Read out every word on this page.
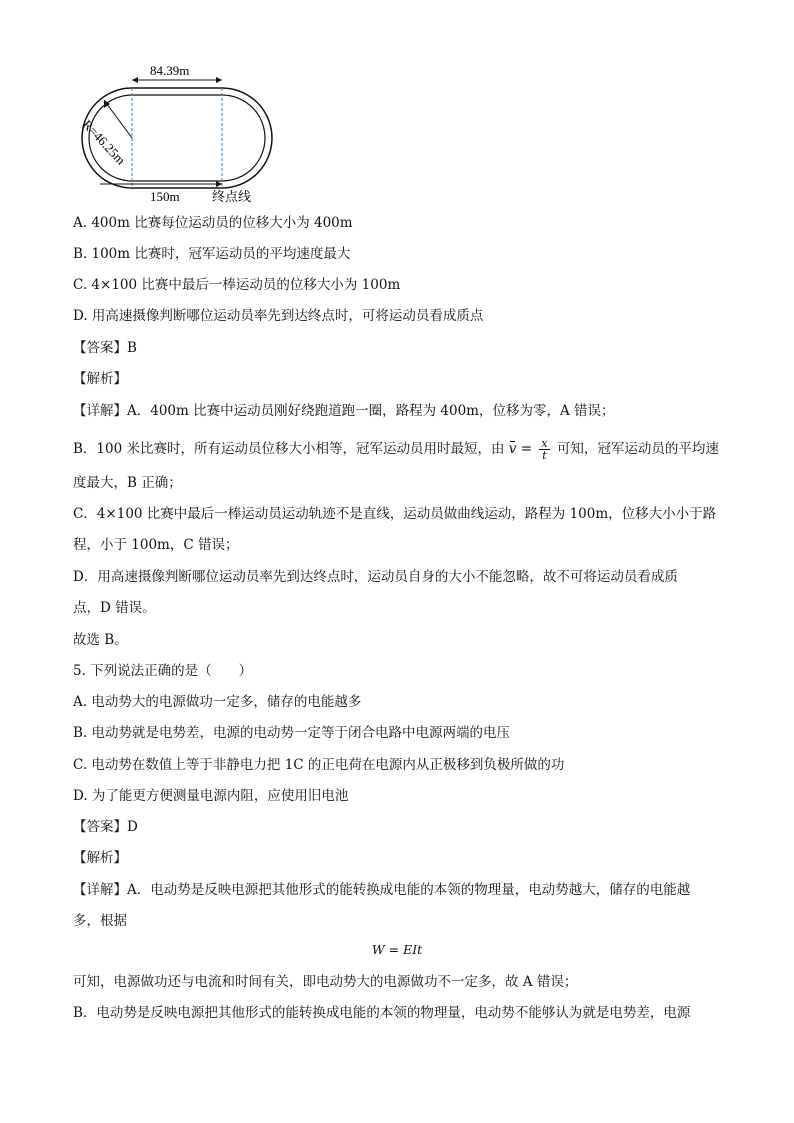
84.39m
R=46.25m
150m 终点线
A. 400m 比赛每位运动员的位移大小为 400m
B. 100m 比赛时，冠军运动员的平均速度最大
C. 4×100 比赛中最后一棒运动员的位移大小为 100m
D. 用高速摄像判断哪位运动员率先到达终点时，可将运动员看成质点
【答案】B
【解析】
【详解】A．400m 比赛中运动员刚好绕跑道跑一圈，路程为 400m，位移为零，A 错误；
B．100 米比赛时，所有运动员位移大小相等，冠军运动员用时最短，由 $v = \frac{x}{t}$ 可知，冠军运动员的平均速
度最大，B 正确；
C．4×100 比赛中最后一棒运动员运动轨迹不是直线，运动员做曲线运动，路程为 100m，位移大小小于路
程，小于 100m，C 错误；
D．用高速摄像判断哪位运动员率先到达终点时，运动员自身的大小不能忽略，故不可将运动员看成质
点，D 错误。
故选 B。
5. 下列说法正确的是（　　）
A. 电动势大的电源做功一定多，储存的电能越多
B. 电动势就是电势差，电源的电动势一定等于闭合电路中电源两端的电压
C. 电动势在数值上等于非静电力把 1C 的正电荷在电源内从正极移到负极所做的功
D. 为了能更方便测量电源内阻，应使用旧电池
【答案】D
【解析】
【详解】A．电动势是反映电源把其他形式的能转换成电能的本领的物理量，电动势越大，储存的电能越
多，根据
W = EIt
可知，电源做功还与电流和时间有关，即电动势大的电源做功不一定多，故 A 错误；
B．电动势是反映电源把其他形式的能转换成电能的本领的物理量，电动势不能够认为就是电势差，电源
